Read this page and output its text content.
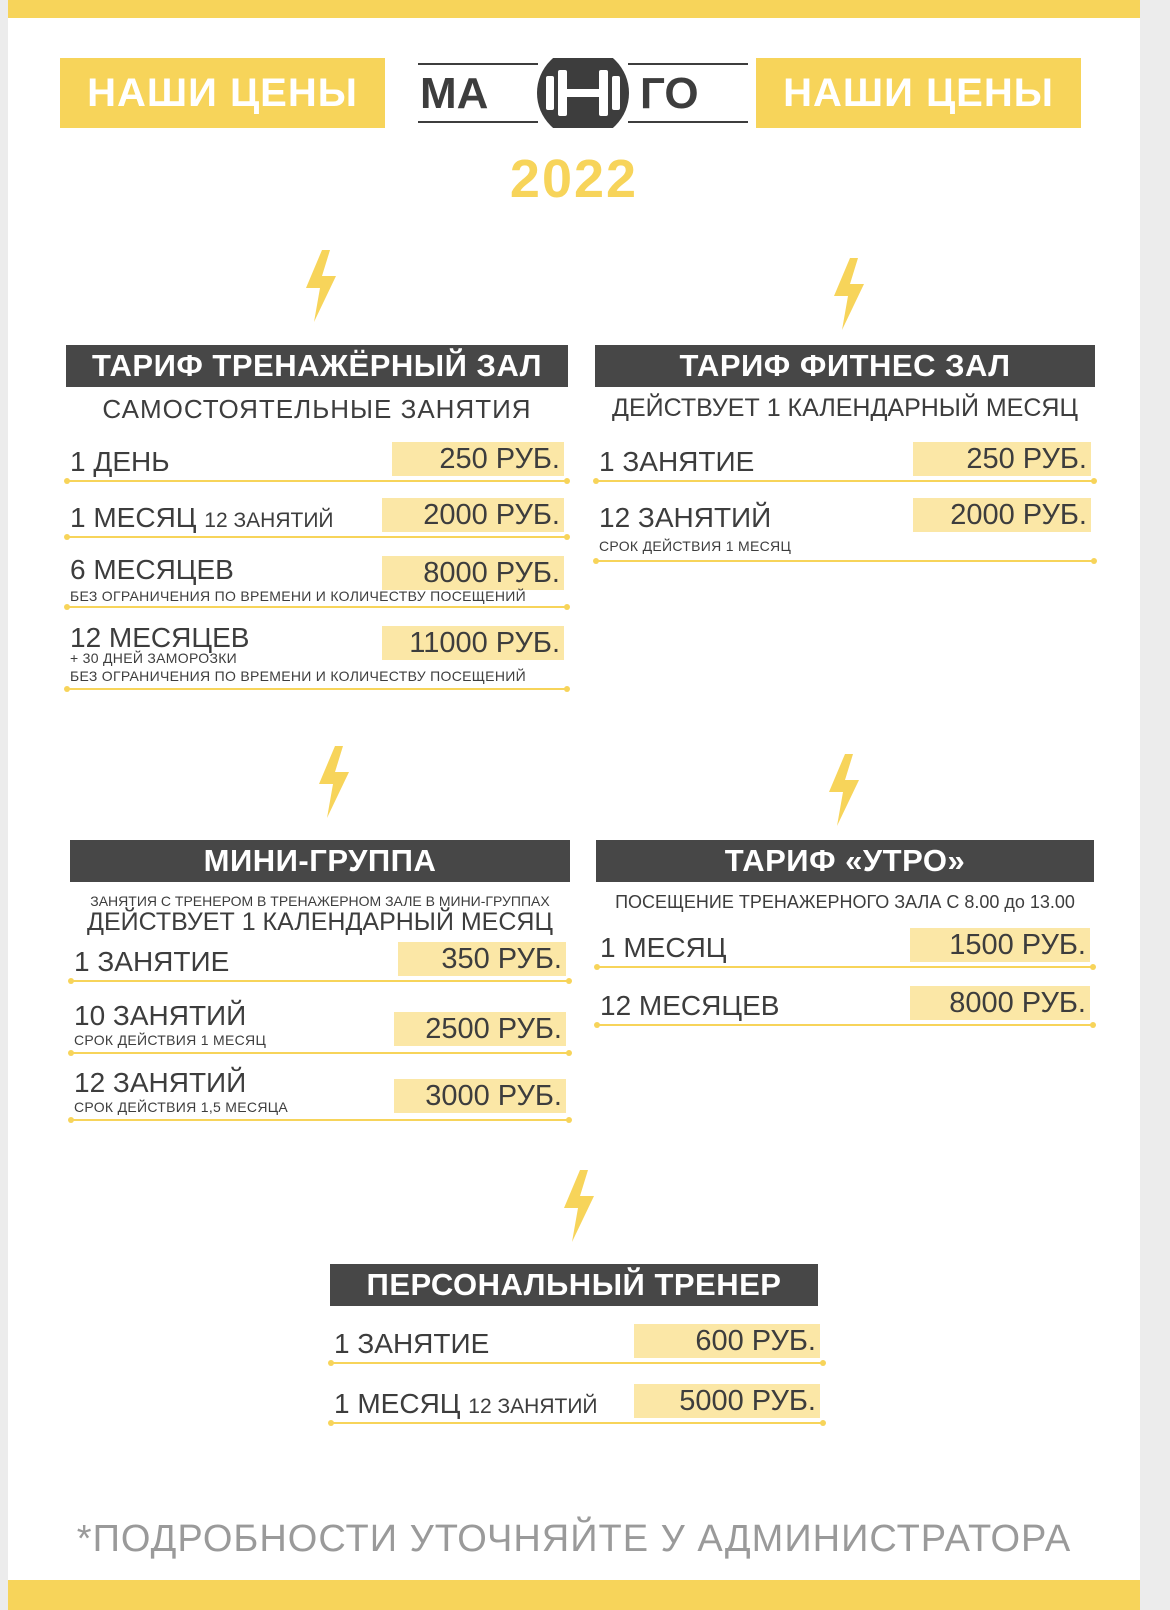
НАШИ ЦЕНЫ	НАШИ ЦЕНЫ
МА	ГО
2022
ТАРИФ ТРЕНАЖЁРНЫЙ ЗАЛ
САМОСТОЯТЕЛЬНЫЕ ЗАНЯТИЯ
1 ДЕНЬ	250 РУБ.
1 МЕСЯЦ 12 ЗАНЯТИЙ	2000 РУБ.
6 МЕСЯЦЕВ	8000 РУБ.
БЕЗ ОГРАНИЧЕНИЯ ПО ВРЕМЕНИ И КОЛИЧЕСТВУ ПОСЕЩЕНИЙ
12 МЕСЯЦЕВ
+ 30 ДНЕЙ ЗАМОРОЗКИ	11000 РУБ.
БЕЗ ОГРАНИЧЕНИЯ ПО ВРЕМЕНИ И КОЛИЧЕСТВУ ПОСЕЩЕНИЙ
ТАРИФ ФИТНЕС ЗАЛ
ДЕЙСТВУЕТ 1 КАЛЕНДАРНЫЙ МЕСЯЦ
1 ЗАНЯТИЕ	250 РУБ.
12 ЗАНЯТИЙ	2000 РУБ.
СРОК ДЕЙСТВИЯ 1 МЕСЯЦ
МИНИ-ГРУППА
ЗАНЯТИЯ С ТРЕНЕРОМ В ТРЕНАЖЕРНОМ ЗАЛЕ В МИНИ-ГРУППАХ
ДЕЙСТВУЕТ 1 КАЛЕНДАРНЫЙ МЕСЯЦ
1 ЗАНЯТИЕ	350 РУБ.
10 ЗАНЯТИЙ
СРОК ДЕЙСТВИЯ 1 МЕСЯЦ	2500 РУБ.
12 ЗАНЯТИЙ
СРОК ДЕЙСТВИЯ 1,5 МЕСЯЦА	3000 РУБ.
ТАРИФ «УТРО»
ПОСЕЩЕНИЕ ТРЕНАЖЕРНОГО ЗАЛА С 8.00 до 13.00
1 МЕСЯЦ	1500 РУБ.
12 МЕСЯЦЕВ	8000 РУБ.
ПЕРСОНАЛЬНЫЙ ТРЕНЕР
1 ЗАНЯТИЕ	600 РУБ.
1 МЕСЯЦ 12 ЗАНЯТИЙ	5000 РУБ.
*ПОДРОБНОСТИ УТОЧНЯЙТЕ У АДМИНИСТРАТОРА
